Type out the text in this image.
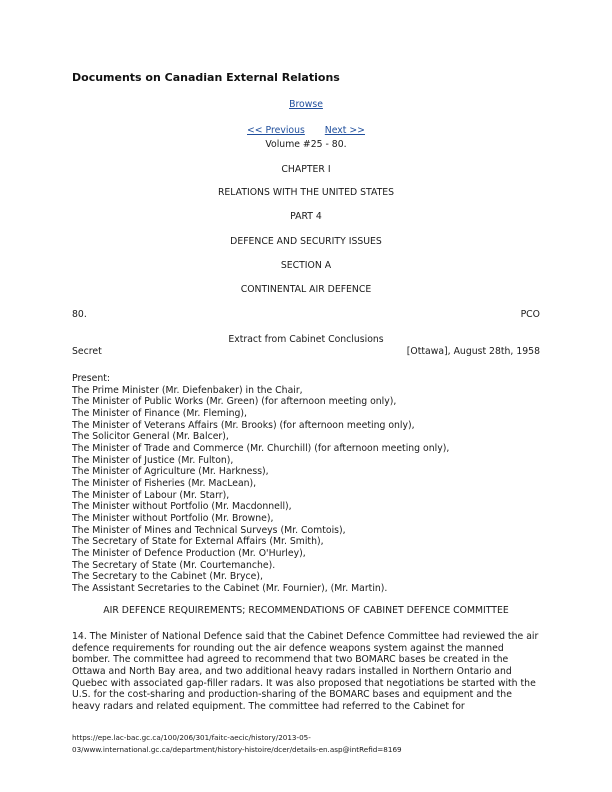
Documents on Canadian External Relations
Browse
<< Previous Next >>
Volume #25 - 80.
CHAPTER I
RELATIONS WITH THE UNITED STATES
PART 4
DEFENCE AND SECURITY ISSUES
SECTION A
CONTINENTAL AIR DEFENCE
80.	PCO
Extract from Cabinet Conclusions
Secret	[Ottawa], August 28th, 1958
Present:
The Prime Minister (Mr. Diefenbaker) in the Chair,
The Minister of Public Works (Mr. Green) (for afternoon meeting only),
The Minister of Finance (Mr. Fleming),
The Minister of Veterans Affairs (Mr. Brooks) (for afternoon meeting only),
The Solicitor General (Mr. Balcer),
The Minister of Trade and Commerce (Mr. Churchill) (for afternoon meeting only),
The Minister of Justice (Mr. Fulton),
The Minister of Agriculture (Mr. Harkness),
The Minister of Fisheries (Mr. MacLean),
The Minister of Labour (Mr. Starr),
The Minister without Portfolio (Mr. Macdonnell),
The Minister without Portfolio (Mr. Browne),
The Minister of Mines and Technical Surveys (Mr. Comtois),
The Secretary of State for External Affairs (Mr. Smith),
The Minister of Defence Production (Mr. O'Hurley),
The Secretary of State (Mr. Courtemanche).
The Secretary to the Cabinet (Mr. Bryce),
The Assistant Secretaries to the Cabinet (Mr. Fournier), (Mr. Martin).
AIR DEFENCE REQUIREMENTS; RECOMMENDATIONS OF CABINET DEFENCE COMMITTEE
14. The Minister of National Defence said that the Cabinet Defence Committee had reviewed the air defence requirements for rounding out the air defence weapons system against the manned bomber. The committee had agreed to recommend that two BOMARC bases be created in the Ottawa and North Bay area, and two additional heavy radars installed in Northern Ontario and Quebec with associated gap-filler radars. It was also proposed that negotiations be started with the U.S. for the cost-sharing and production-sharing of the BOMARC bases and equipment and the heavy radars and related equipment. The committee had referred to the Cabinet for
https://epe.lac-bac.gc.ca/100/206/301/faitc-aecic/history/2013-05-
03/www.international.gc.ca/department/history-histoire/dcer/details-en.asp@intRefid=8169
